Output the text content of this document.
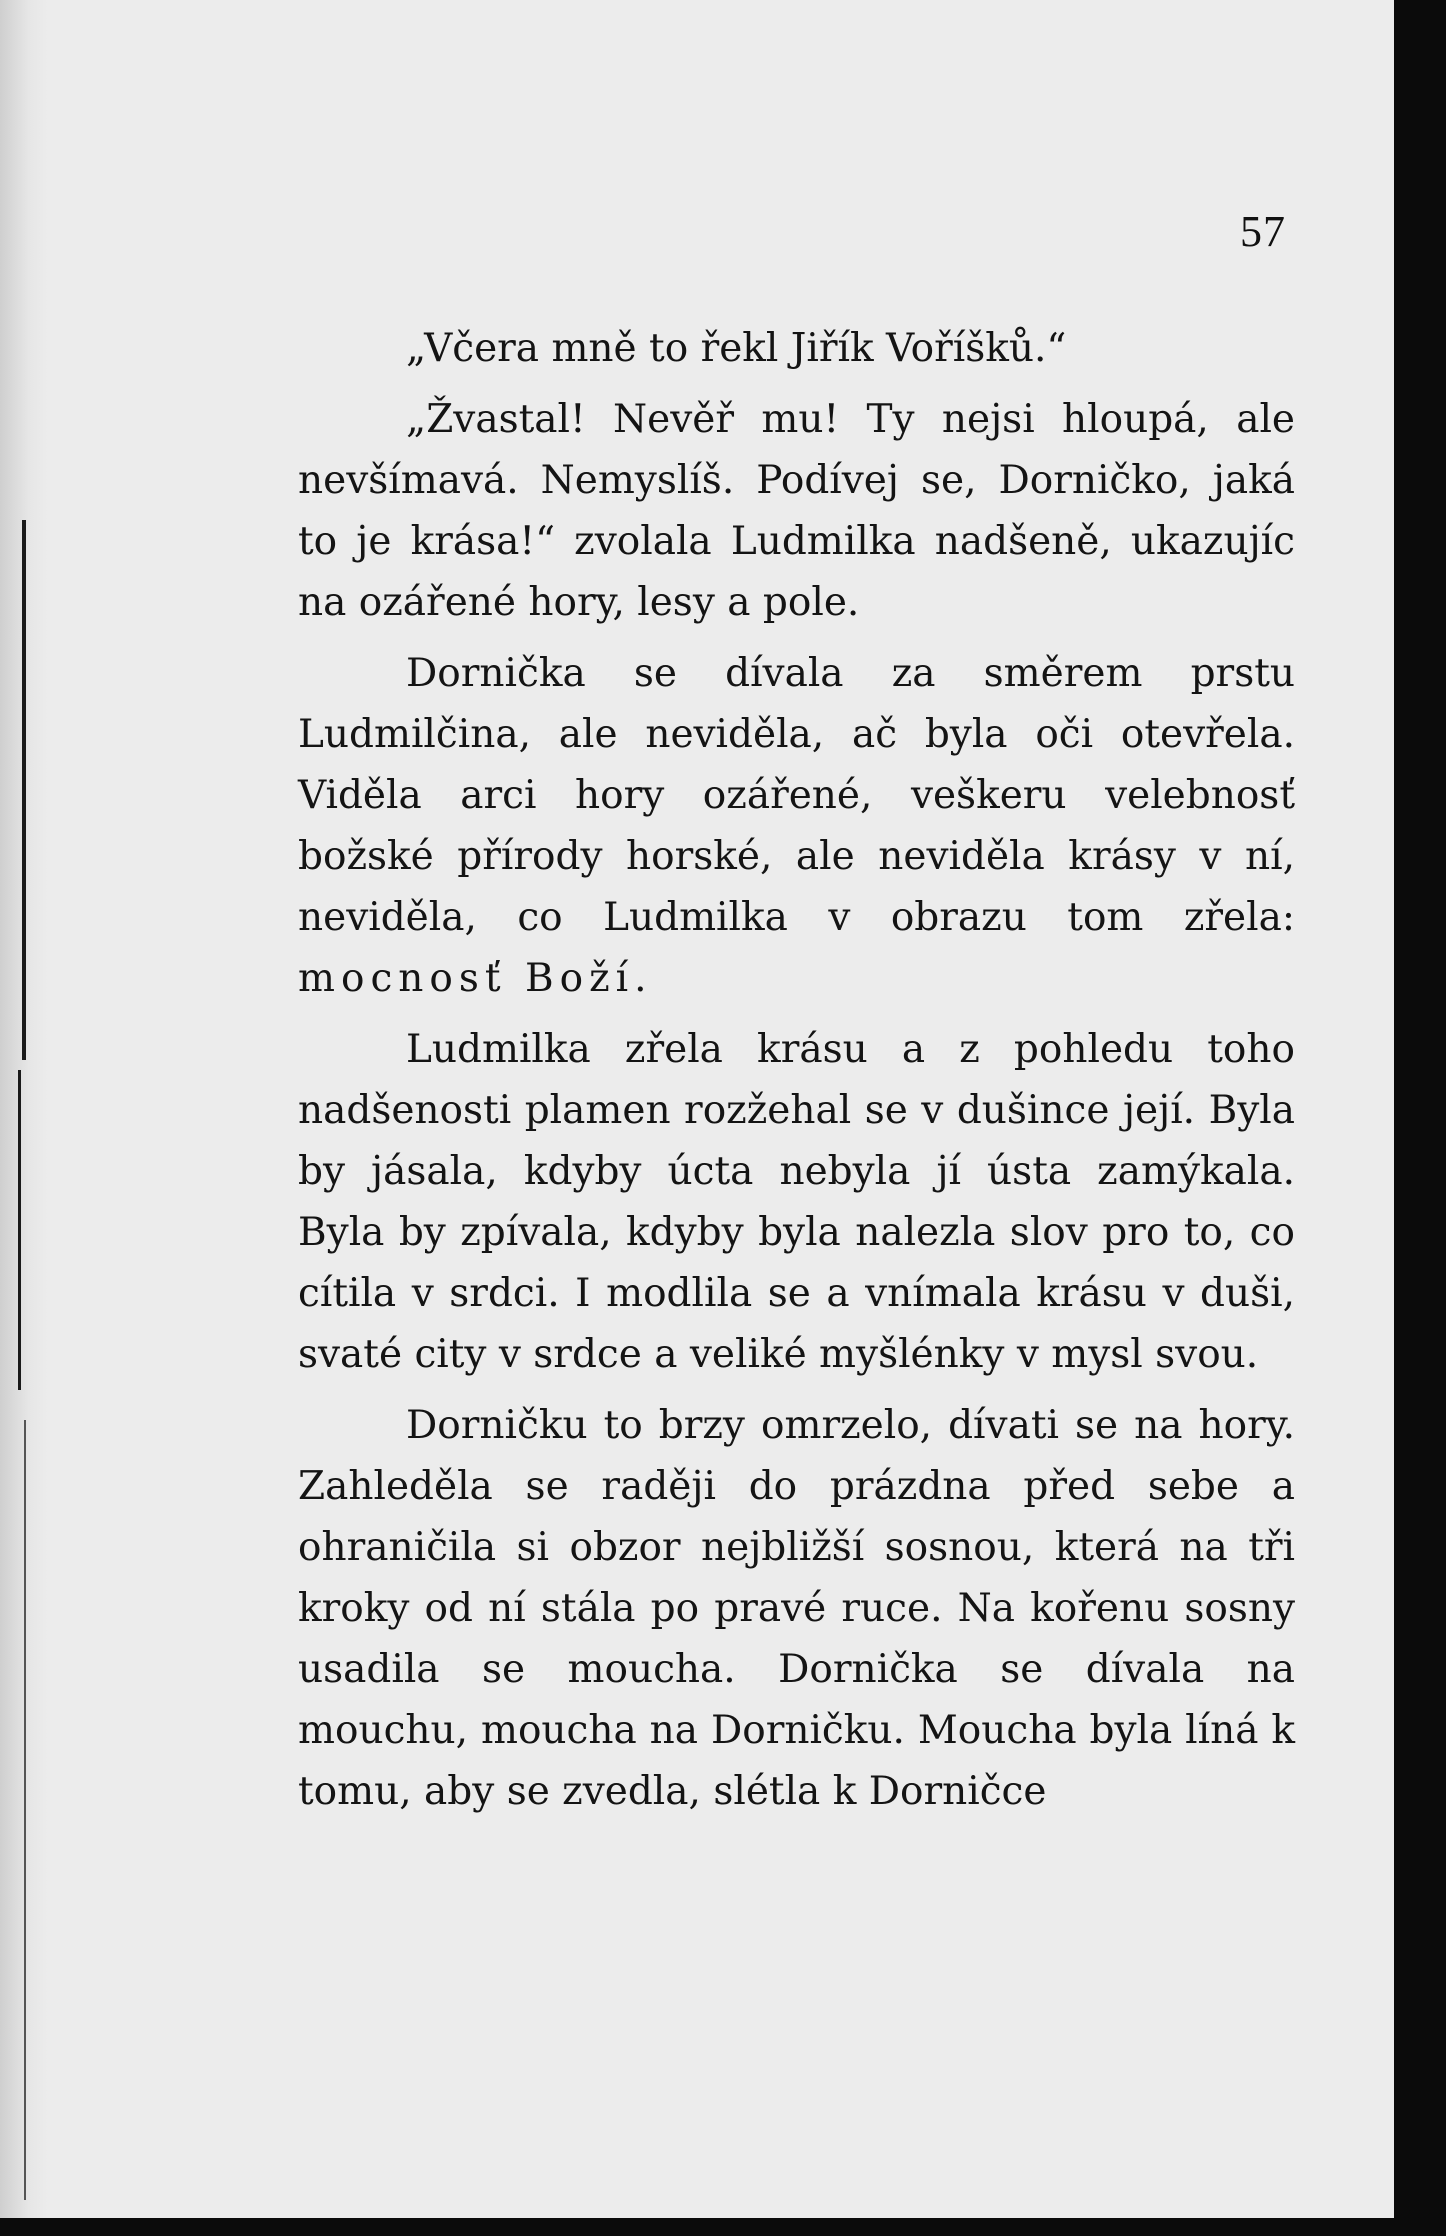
57

„Včera mně to řekl Jiřík Voříšků.“

„Žvastal! Nevěř mu! Ty nejsi hloupá, ale nevšímavá. Nemyslíš. Podívej se, Dorničko, jaká to je krása!“ zvolala Ludmilka nadšeně, ukazujíc na ozářené hory, lesy a pole.

Dornička se dívala za směrem prstu Ludmilčina, ale neviděla, ač byla oči otevřela. Viděla arci hory ozářené, veškeru velebnosť božské přírody horské, ale neviděla krásy v ní, neviděla, co Ludmilka v obrazu tom zřela: mocnosť Boží.

Ludmilka zřela krásu a z pohledu toho nadšenosti plamen rozžehal se v dušince její. Byla by jásala, kdyby úcta nebyla jí ústa zamýkala. Byla by zpívala, kdyby byla nalezla slov pro to, co cítila v srdci. I modlila se a vnímala krásu v duši, svaté city v srdce a veliké myšlénky v mysl svou.

Dorničku to brzy omrzelo, dívati se na hory. Zahleděla se raději do prázdna před sebe a ohraničila si obzor nejbližší sosnou, která na tři kroky od ní stála po pravé ruce. Na kořenu sosny usadila se moucha. Dornička se dívala na mouchu, moucha na Dorničku. Moucha byla líná k tomu, aby se zvedla, slétla k Dorničce
